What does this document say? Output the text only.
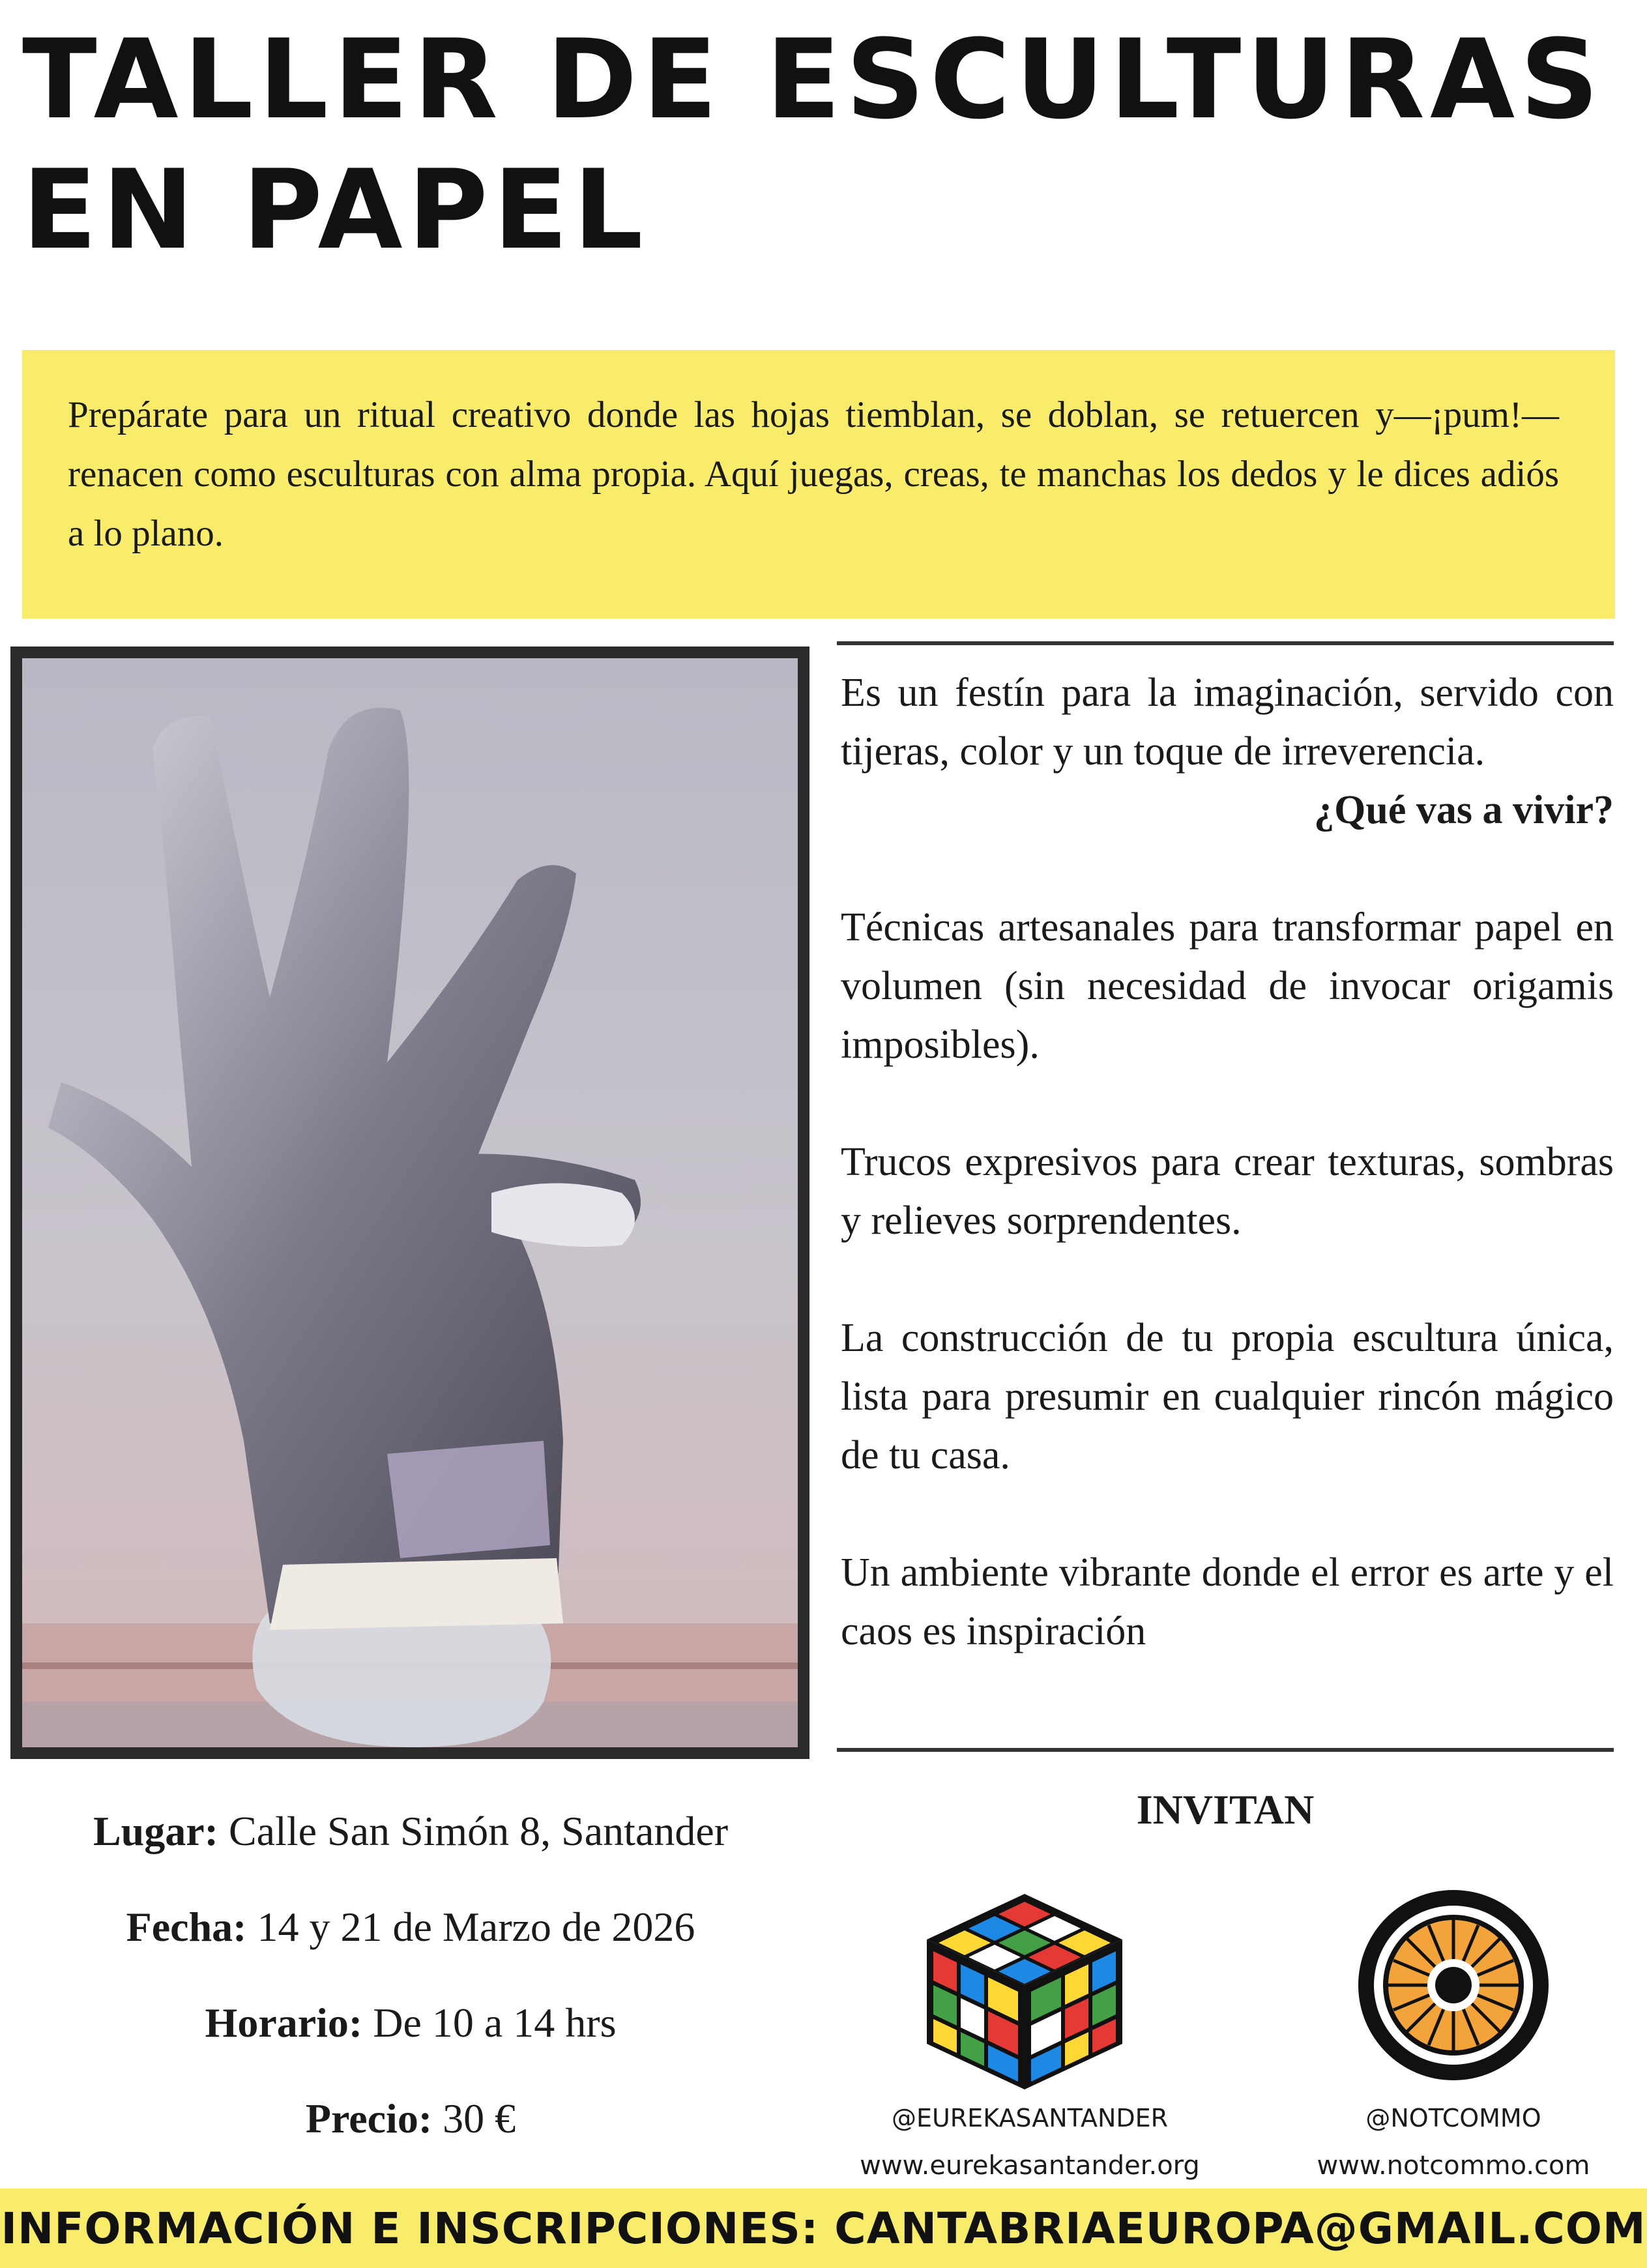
TALLER DE ESCULTURAS
EN PAPEL
Prepárate para un ritual creativo donde las hojas tiemblan, se doblan, se retuercen y—¡pum!—renacen como esculturas con alma propia. Aquí juegas, creas, te manchas los dedos y le dices adiós a lo plano.

Es un festín para la imaginación, servido con tijeras, color y un toque de irreverencia.

¿Qué vas a vivir?

Técnicas artesanales para transformar papel en volumen (sin necesidad de invocar origamis imposibles).

Trucos expresivos para crear texturas, sombras y relieves sorprendentes.

La construcción de tu propia escultura única, lista para presumir en cualquier rincón mágico de tu casa.

Un ambiente vibrante donde el error es arte y el caos es inspiración

Lugar: Calle San Simón 8, Santander

Fecha: 14 y 21 de Marzo de 2026

Horario: De 10 a 14 hrs

Precio: 30 €

INVITAN
@EUREKASANTANDER
www.eurekasantander.org
@NOTCOMMO
www.notcommo.com
INFORMACIÓN E INSCRIPCIONES: CANTABRIAEUROPA@GMAIL.COM
